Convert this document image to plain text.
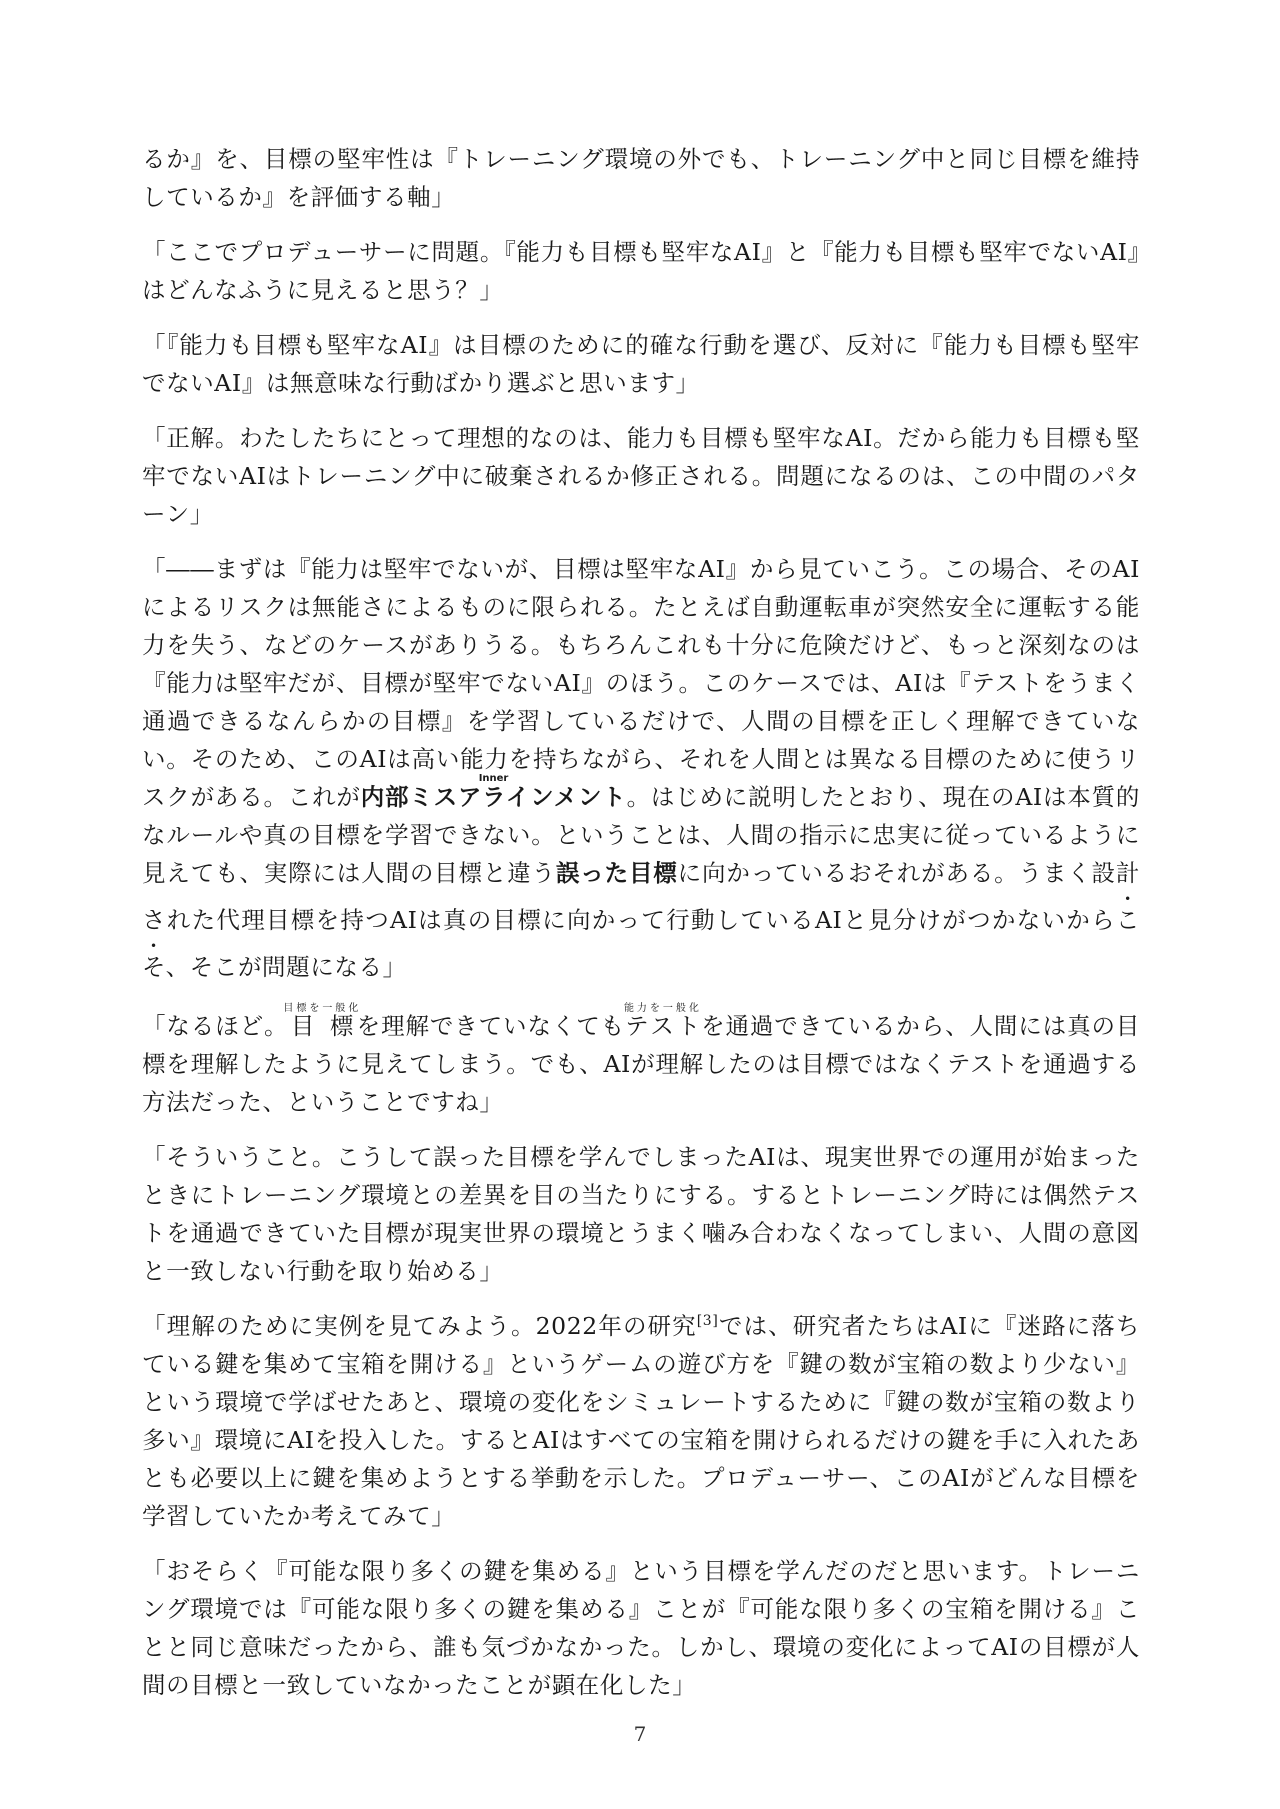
るか』を、目標の堅牢性は『トレーニング環境の外でも、トレーニング中と同じ目標を維持しているか』を評価する軸」

「ここでプロデューサーに問題。『能力も目標も堅牢なAI』と『能力も目標も堅牢でないAI』はどんなふうに見えると思う？」

「『能力も目標も堅牢なAI』は目標のために的確な行動を選び、反対に『能力も目標も堅牢でないAI』は無意味な行動ばかり選ぶと思います」

「正解。わたしたちにとって理想的なのは、能力も目標も堅牢なAI。だから能力も目標も堅牢でないAIはトレーニング中に破棄されるか修正される。問題になるのは、この中間のパターン」

「――まずは『能力は堅牢でないが、目標は堅牢なAI』から見ていこう。この場合、そのAIによるリスクは無能さによるものに限られる。たとえば自動運転車が突然安全に運転する能力を失う、などのケースがありうる。もちろんこれも十分に危険だけど、もっと深刻なのは『能力は堅牢だが、目標が堅牢でないAI』のほう。このケースでは、AIは『テストをうまく通過できるなんらかの目標』を学習しているだけで、人間の目標を正しく理解できていない。そのため、このAIは高い能力を持ちながら、それを人間とは異なる目標のために使うリスクがある。これが内部ミスアラインメントInner。はじめに説明したとおり、現在のAIは本質的なルールや真の目標を学習できない。ということは、人間の指示に忠実に従っているように見えても、実際には人間の目標と違う誤った目標に向かっているおそれがある。うまく設計された代理目標を持つAIは真の目標に向かって行動しているAIと見分けがつかないからこそ、そこが問題になる」

「なるほど。目標目標を一般化を理解できていなくてもテスト能力を一般化を通過できているから、人間には真の目標を理解したように見えてしまう。でも、AIが理解したのは目標ではなくテストを通過する方法だった、ということですね」

「そういうこと。こうして誤った目標を学んでしまったAIは、現実世界での運用が始まったときにトレーニング環境との差異を目の当たりにする。するとトレーニング時には偶然テストを通過できていた目標が現実世界の環境とうまく噛み合わなくなってしまい、人間の意図と一致しない行動を取り始める」

「理解のために実例を見てみよう。2022年の研究[3]では、研究者たちはAIに『迷路に落ちている鍵を集めて宝箱を開ける』というゲームの遊び方を『鍵の数が宝箱の数より少ない』という環境で学ばせたあと、環境の変化をシミュレートするために『鍵の数が宝箱の数より多い』環境にAIを投入した。するとAIはすべての宝箱を開けられるだけの鍵を手に入れたあとも必要以上に鍵を集めようとする挙動を示した。プロデューサー、このAIがどんな目標を学習していたか考えてみて」

「おそらく『可能な限り多くの鍵を集める』という目標を学んだのだと思います。トレーニング環境では『可能な限り多くの鍵を集める』ことが『可能な限り多くの宝箱を開ける』ことと同じ意味だったから、誰も気づかなかった。しかし、環境の変化によってAIの目標が人間の目標と一致していなかったことが顕在化した」

7
